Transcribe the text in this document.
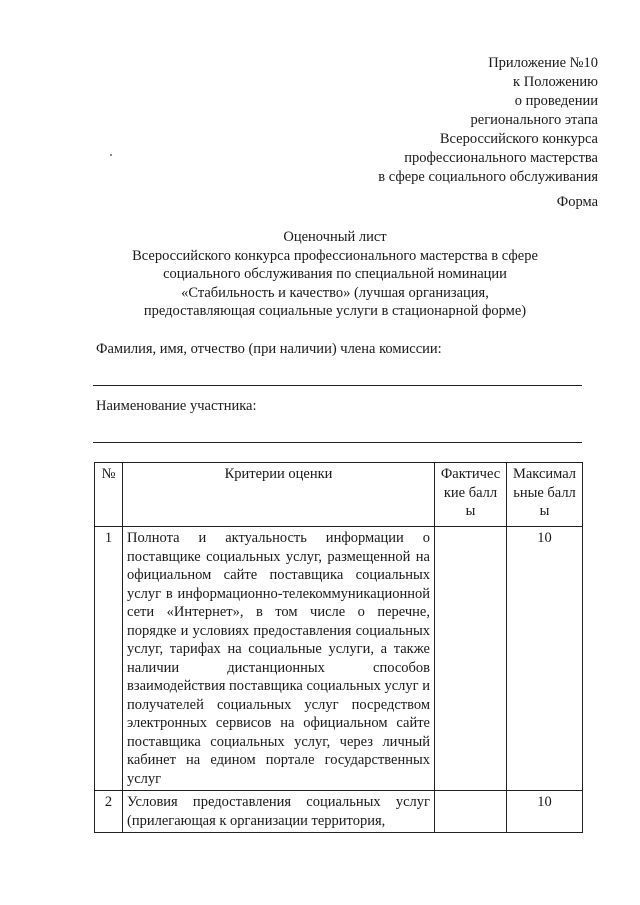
Приложение №10
к Положению
о проведении
регионального этапа
Всероссийского конкурса
профессионального мастерства
в сфере социального обслуживания
Форма
Оценочный лист
Всероссийского конкурса профессионального мастерства в сфере
социального обслуживания по специальной номинации
«Стабильность и качество» (лучшая организация,
предоставляющая социальные услуги в стационарной форме)
Фамилия, имя, отчество (при наличии) члена комиссии:
Наименование участника:
№	Критерии оценки	Фактические баллы	Максимальные баллы
1	Полнота и актуальность информации о поставщике социальных услуг, размещенной на официальном сайте поставщика социальных услуг в информационно-телекоммуникационной сети «Интернет», в том числе о перечне, порядке и условиях предоставления социальных услуг, тарифах на социальные услуги, а также наличии дистанционных способов взаимодействия поставщика социальных услуг и получателей социальных услуг посредством электронных сервисов на официальном сайте поставщика социальных услуг, через личный кабинет на едином портале государственных услуг		10
2	Условия предоставления социальных услуг (прилегающая к организации территория,		10
